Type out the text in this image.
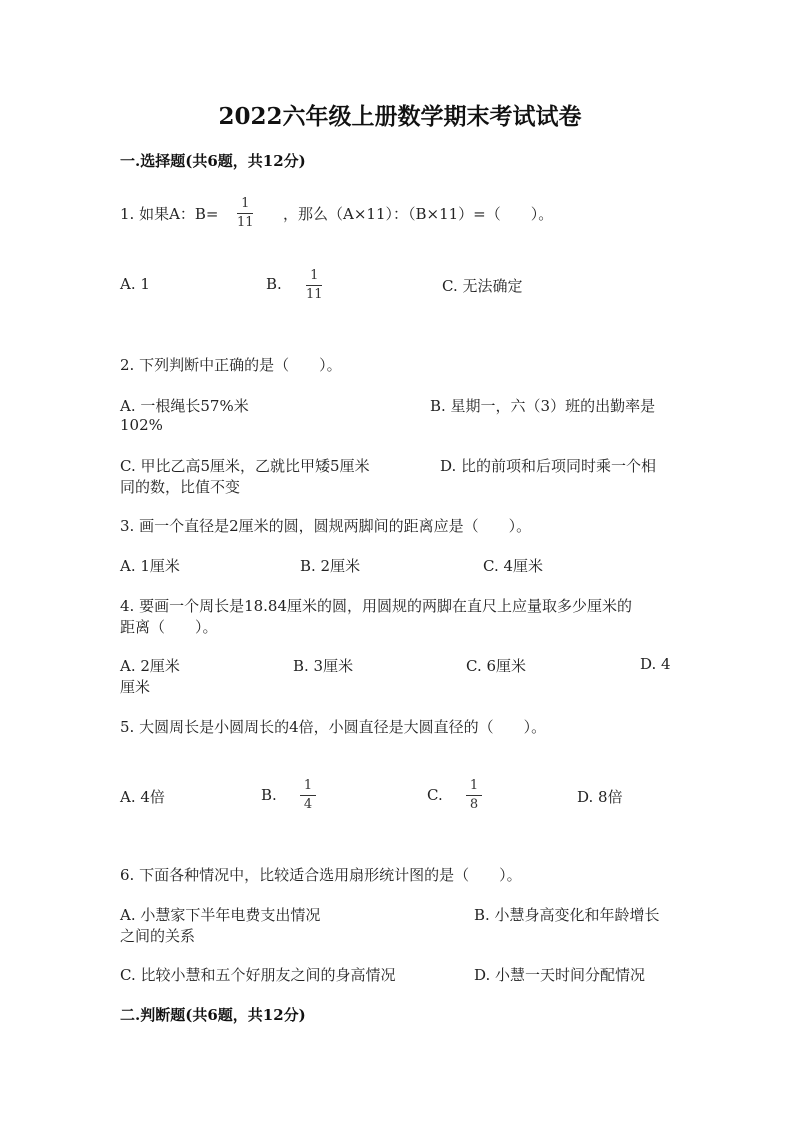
2022六年级上册数学期末考试试卷
一.选择题(共6题，共12分)
1. 如果A：B=
1
11 ，那么（A×11）：（B×11）=（　　）。
A. 1	B. 1
11	C. 无法确定
2. 下列判断中正确的是（　　）。
A. 一根绳长57%米	B. 星期一，六（3）班的出勤率是
102%
C. 甲比乙高5厘米，乙就比甲矮5厘米	D. 比的前项和后项同时乘一个相
同的数，比值不变
3. 画一个直径是2厘米的圆，圆规两脚间的距离应是（　　）。
A. 1厘米	B. 2厘米	C. 4厘米
4. 要画一个周长是18.84厘米的圆，用圆规的两脚在直尺上应量取多少厘米的
距离（　　）。
A. 2厘米	B. 3厘米	C. 6厘米	D. 4
厘米
5. 大圆周长是小圆周长的4倍，小圆直径是大圆直径的（　　）。
A. 4倍	B.
1
4
C.
1
8	D. 8倍
6. 下面各种情况中，比较适合选用扇形统计图的是（　　）。
A. 小慧家下半年电费支出情况	B. 小慧身高变化和年龄增长
之间的关系
C. 比较小慧和五个好朋友之间的身高情况	D. 小慧一天时间分配情况
二.判断题(共6题，共12分)
